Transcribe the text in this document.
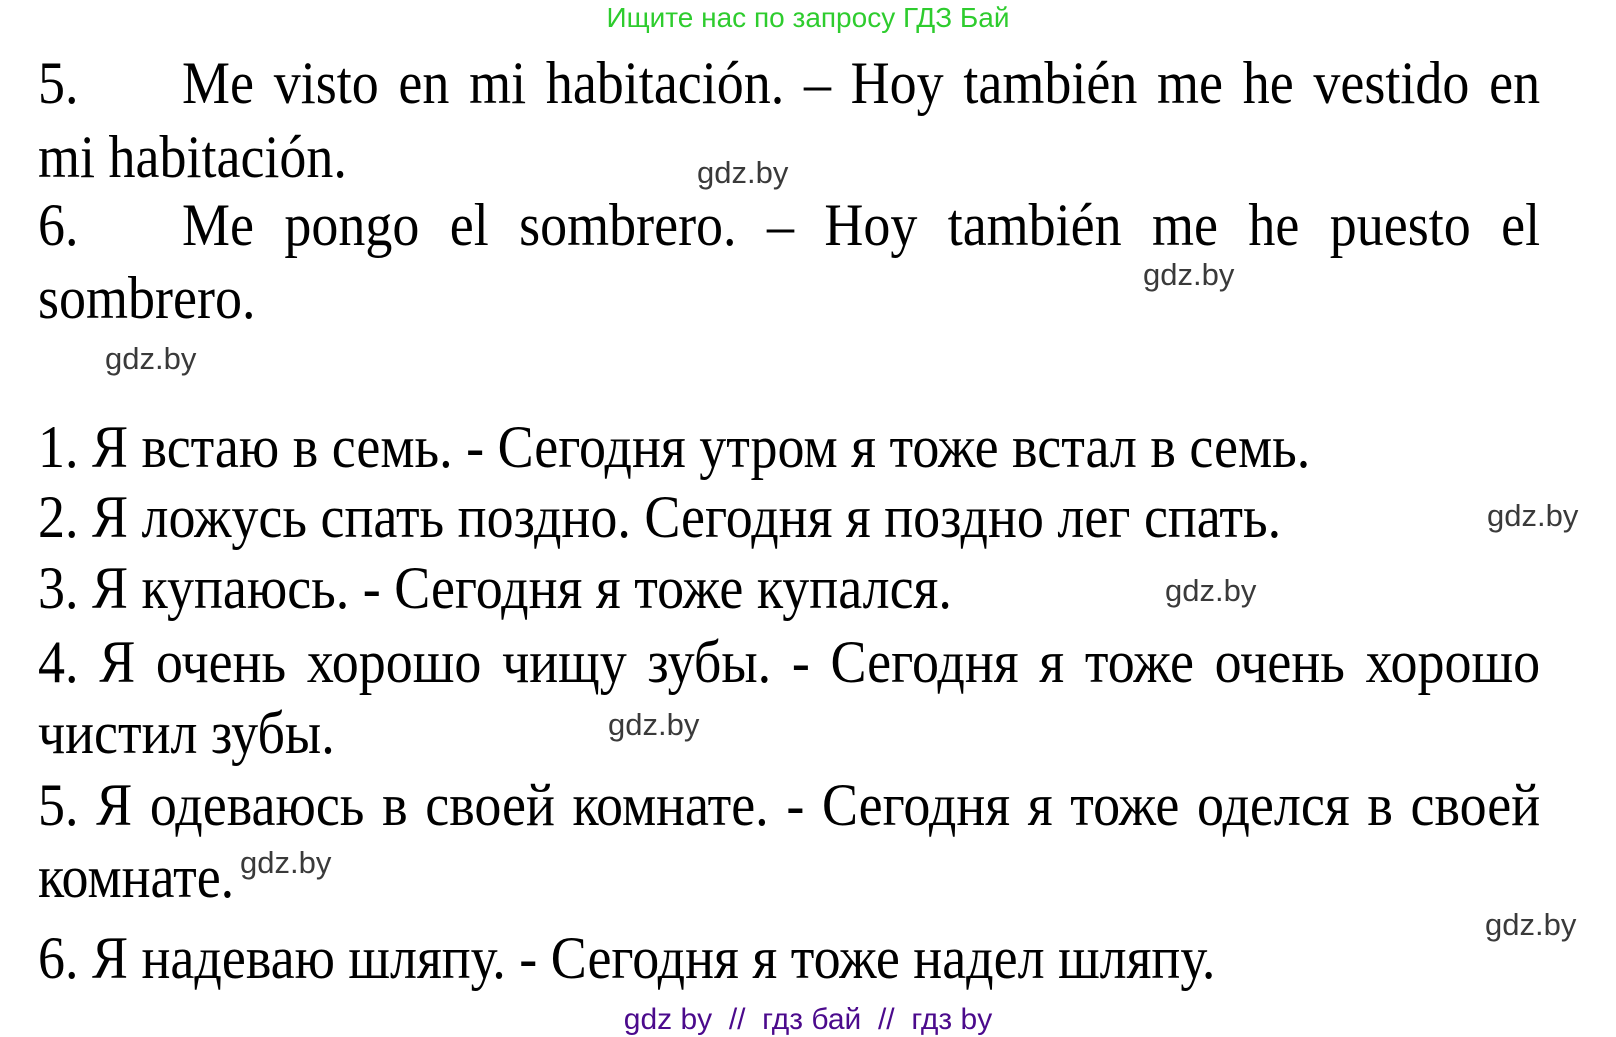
Ищите нас по запросу ГДЗ Бай
5. Me visto en mi habitación. – Hoy también me he vestido en
mi habitación.
6. Me pongo el sombrero. – Hoy también me he puesto el
sombrero.
1. Я встаю в семь. - Сегодня утром я тоже встал в семь.
2. Я ложусь спать поздно. Сегодня я поздно лег спать.
3. Я купаюсь. - Сегодня я тоже купался.
4. Я очень хорошо чищу зубы. - Сегодня я тоже очень хорошо
чистил зубы.
5. Я одеваюсь в своей комнате. - Сегодня я тоже оделся в своей
комнате.
6. Я надеваю шляпу. - Сегодня я тоже надел шляпу.
gdz.by
gdz.by
gdz.by
gdz.by
gdz.by
gdz.by
gdz.by
gdz.by
gdz by  //  гдз бай  //  гдз by
